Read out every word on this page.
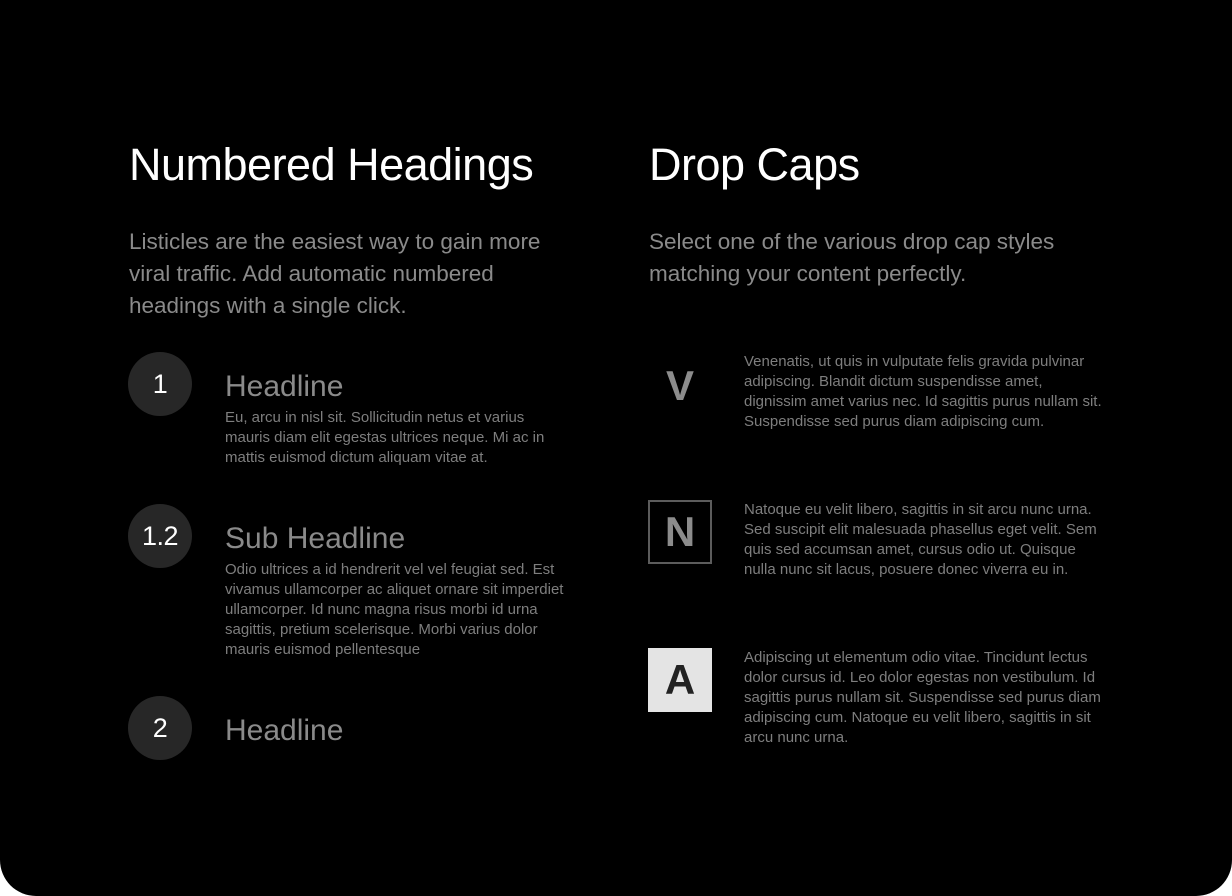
Numbered Headings

Listicles are the easiest way to gain more viral traffic. Add automatic numbered headings with a single click.

1	Headline

Eu, arcu in nisl sit. Sollicitudin netus et varius mauris diam elit egestas ultrices neque. Mi ac in mattis euismod dictum aliquam vitae at.

1.2	Sub Headline

Odio ultrices a id hendrerit vel vel feugiat sed. Est vivamus ullamcorper ac aliquet ornare sit imperdiet ullamcorper. Id nunc magna risus morbi id urna sagittis, pretium scelerisque. Morbi varius dolor mauris euismod pellentesque

2	Headline
Drop Caps

Select one of the various drop cap styles matching your content perfectly.

V

Venenatis, ut quis in vulputate felis gravida pulvinar adipiscing. Blandit dictum suspendisse amet, dignissim amet varius nec. Id sagittis purus nullam sit. Suspendisse sed purus diam adipiscing cum.

N	Natoque eu velit libero, sagittis in sit arcu nunc urna. Sed suscipit elit malesuada phasellus eget velit. Sem quis sed accumsan amet, cursus odio ut. Quisque nulla nunc sit lacus, posuere donec viverra eu in.

A	Adipiscing ut elementum odio vitae. Tincidunt lectus dolor cursus id. Leo dolor egestas non vestibulum. Id sagittis purus nullam sit. Suspendisse sed purus diam adipiscing cum. Natoque eu velit libero, sagittis in sit arcu nunc urna.
